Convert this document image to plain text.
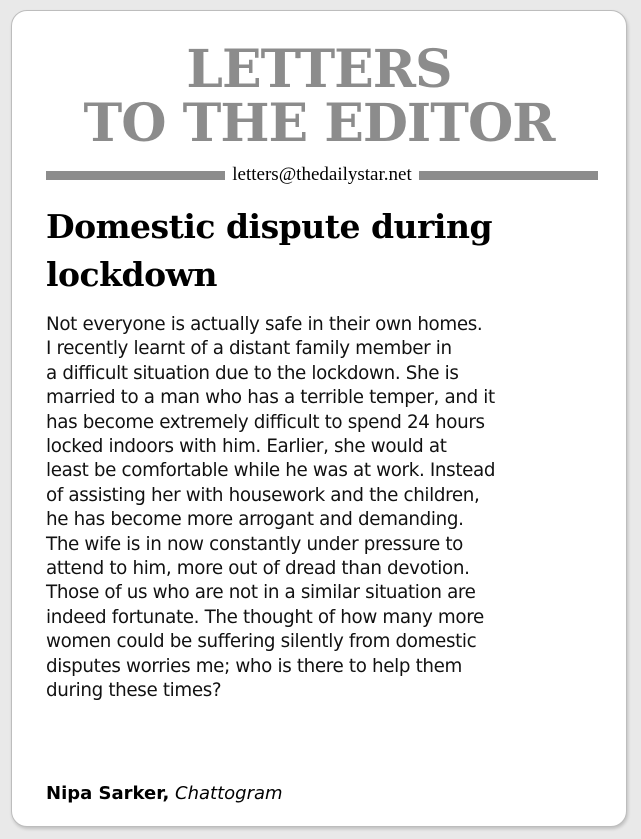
LETTERS
TO THE EDITOR
letters@thedailystar.net
Domestic dispute during
lockdown
Not everyone is actually safe in their own homes.
I recently learnt of a distant family member in
a difficult situation due to the lockdown. She is
married to a man who has a terrible temper, and it
has become extremely difficult to spend 24 hours
locked indoors with him. Earlier, she would at
least be comfortable while he was at work. Instead
of assisting her with housework and the children,
he has become more arrogant and demanding.
The wife is in now constantly under pressure to
attend to him, more out of dread than devotion.
Those of us who are not in a similar situation are
indeed fortunate. The thought of how many more
women could be suffering silently from domestic
disputes worries me; who is there to help them
during these times?
Nipa Sarker, Chattogram
